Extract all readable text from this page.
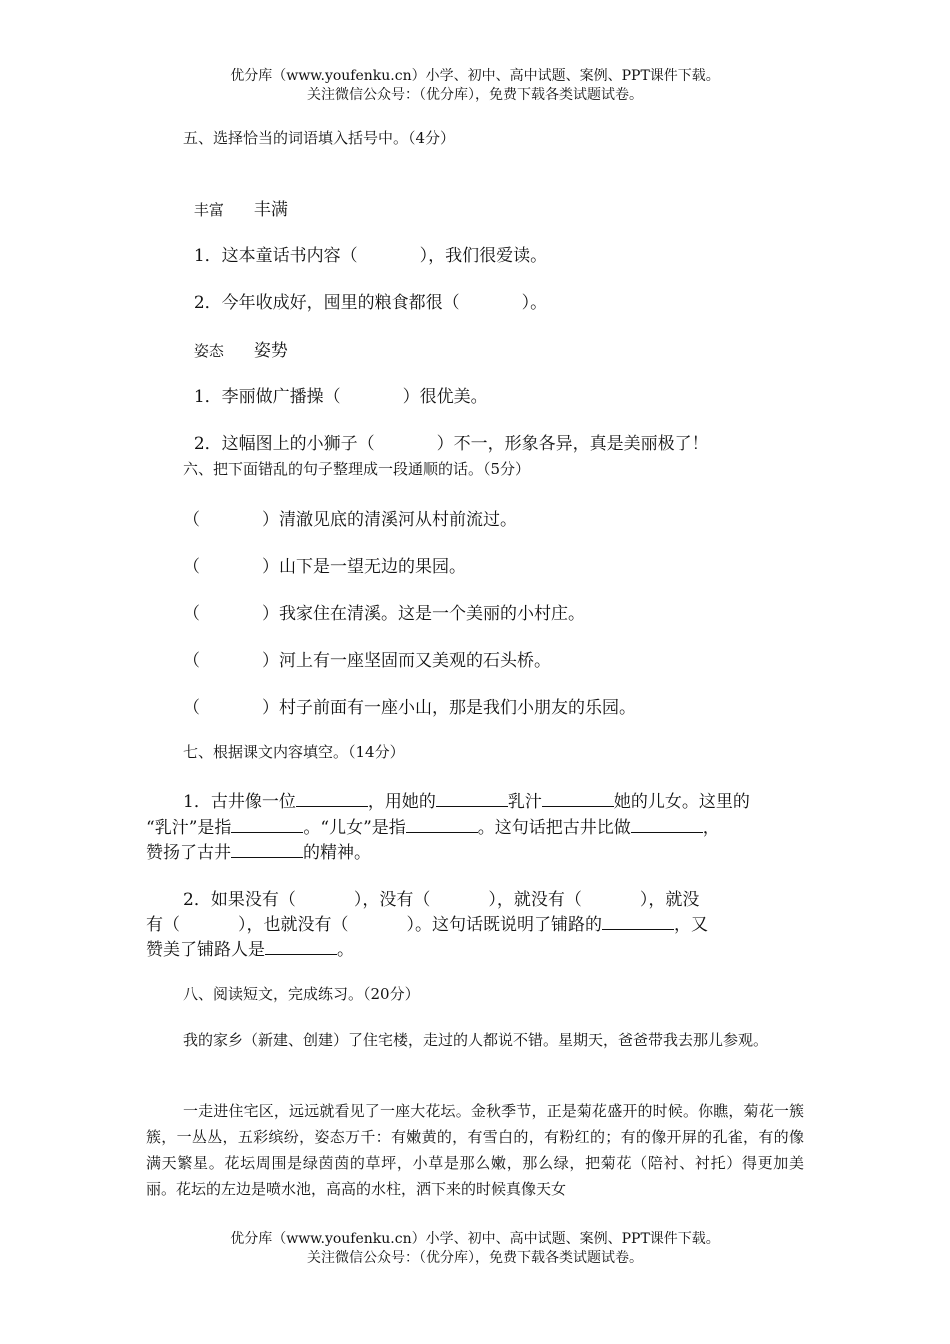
优分库（www.youfenku.cn）小学、初中、高中试题、案例、PPT课件下载。
关注微信公众号：（优分库），免费下载各类试题试卷。
五、选择恰当的词语填入括号中。（4分）

丰富 丰满

1．这本童话书内容（	），我们很爱读。

2．今年收成好，囤里的粮食都很（	）。

姿态 姿势

1．李丽做广播操（	）很优美。

2．这幅图上的小狮子（	）不一，形象各异，真是美丽极了！

六、把下面错乱的句子整理成一段通顺的话。（5分）
（	）清澈见底的清溪河从村前流过。
（	）山下是一望无边的果园。
（	）我家住在清溪。这是一个美丽的小村庄。
（	）河上有一座坚固而又美观的石头桥。
（	）村子前面有一座小山，那是我们小朋友的乐园。
七、根据课文内容填空。（14分）
1．古井像一位	，用她的	乳汁	她的儿女。这里的
“乳汁”是指	。“儿女”是指	。这句话把古井比做	，
赞扬了古井	的精神。
2．如果没有（	），没有（	），就没有（	），就没
有（	），也就没有（	）。这句话既说明了铺路的	，又
赞美了铺路人是	。
八、阅读短文，完成练习。（20分）
我的家乡（新建、创建）了住宅楼，走过的人都说不错。星期天，爸爸带我去那儿参观。
一走进住宅区，远远就看见了一座大花坛。金秋季节，正是菊花盛开的时候。你瞧，菊花一簇簇，一丛丛，五彩缤纷，姿态万千：有嫩黄的，有雪白的，有粉红的；有的像开屏的孔雀，有的像满天繁星。花坛周围是绿茵茵的草坪，小草是那么嫩，那么绿，把菊花（陪衬、衬托）得更加美丽。花坛的左边是喷水池，高高的水柱，洒下来的时候真像天女
优分库（www.youfenku.cn）小学、初中、高中试题、案例、PPT课件下载。
关注微信公众号：（优分库），免费下载各类试题试卷。
